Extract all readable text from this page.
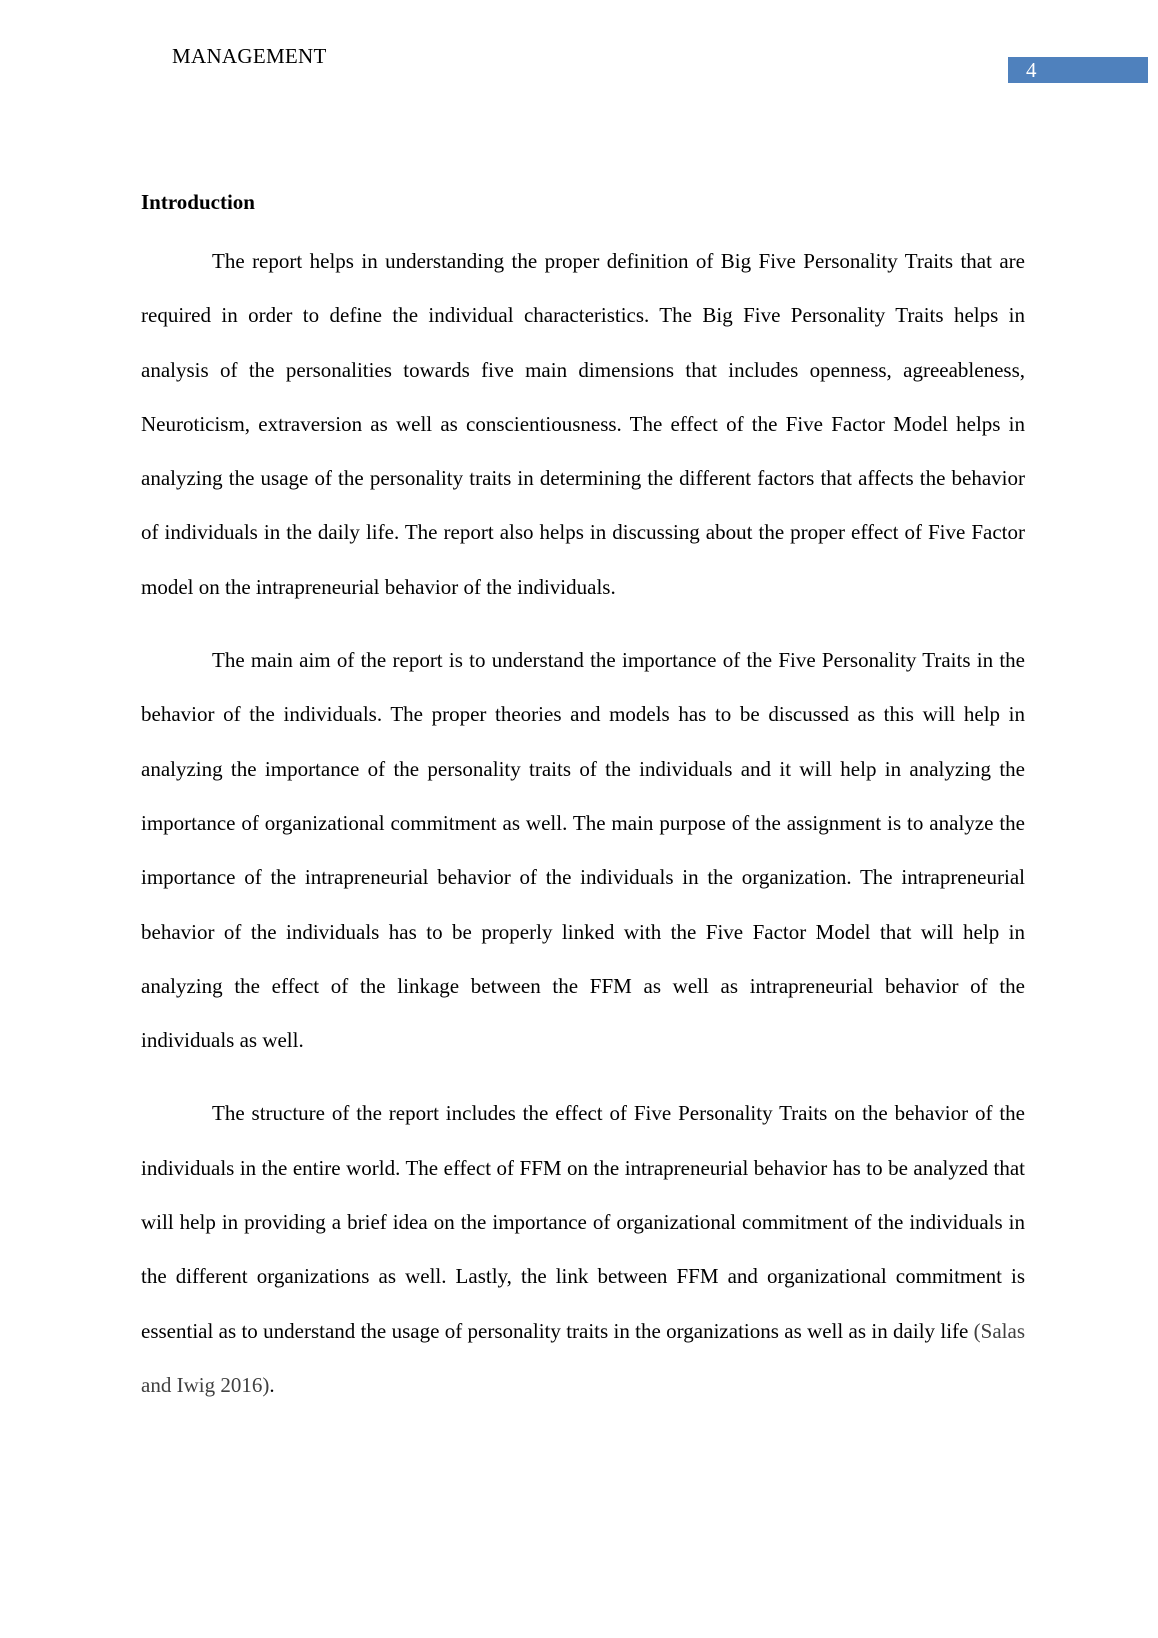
MANAGEMENT
4
Introduction

The report helps in understanding the proper definition of Big Five Personality Traits that are required in order to define the individual characteristics. The Big Five Personality Traits helps in analysis of the personalities towards five main dimensions that includes openness, agreeableness, Neuroticism, extraversion as well as conscientiousness. The effect of the Five Factor Model helps in analyzing the usage of the personality traits in determining the different factors that affects the behavior of individuals in the daily life. The report also helps in discussing about the proper effect of Five Factor model on the intrapreneurial behavior of the individuals.

The main aim of the report is to understand the importance of the Five Personality Traits in the behavior of the individuals. The proper theories and models has to be discussed as this will help in analyzing the importance of the personality traits of the individuals and it will help in analyzing the importance of organizational commitment as well. The main purpose of the assignment is to analyze the importance of the intrapreneurial behavior of the individuals in the organization. The intrapreneurial behavior of the individuals has to be properly linked with the Five Factor Model that will help in analyzing the effect of the linkage between the FFM as well as intrapreneurial behavior of the individuals as well.

The structure of the report includes the effect of Five Personality Traits on the behavior of the individuals in the entire world. The effect of FFM on the intrapreneurial behavior has to be analyzed that will help in providing a brief idea on the importance of organizational commitment of the individuals in the different organizations as well. Lastly, the link between FFM and organizational commitment is essential as to understand the usage of personality traits in the organizations as well as in daily life (Salas and Iwig 2016).
